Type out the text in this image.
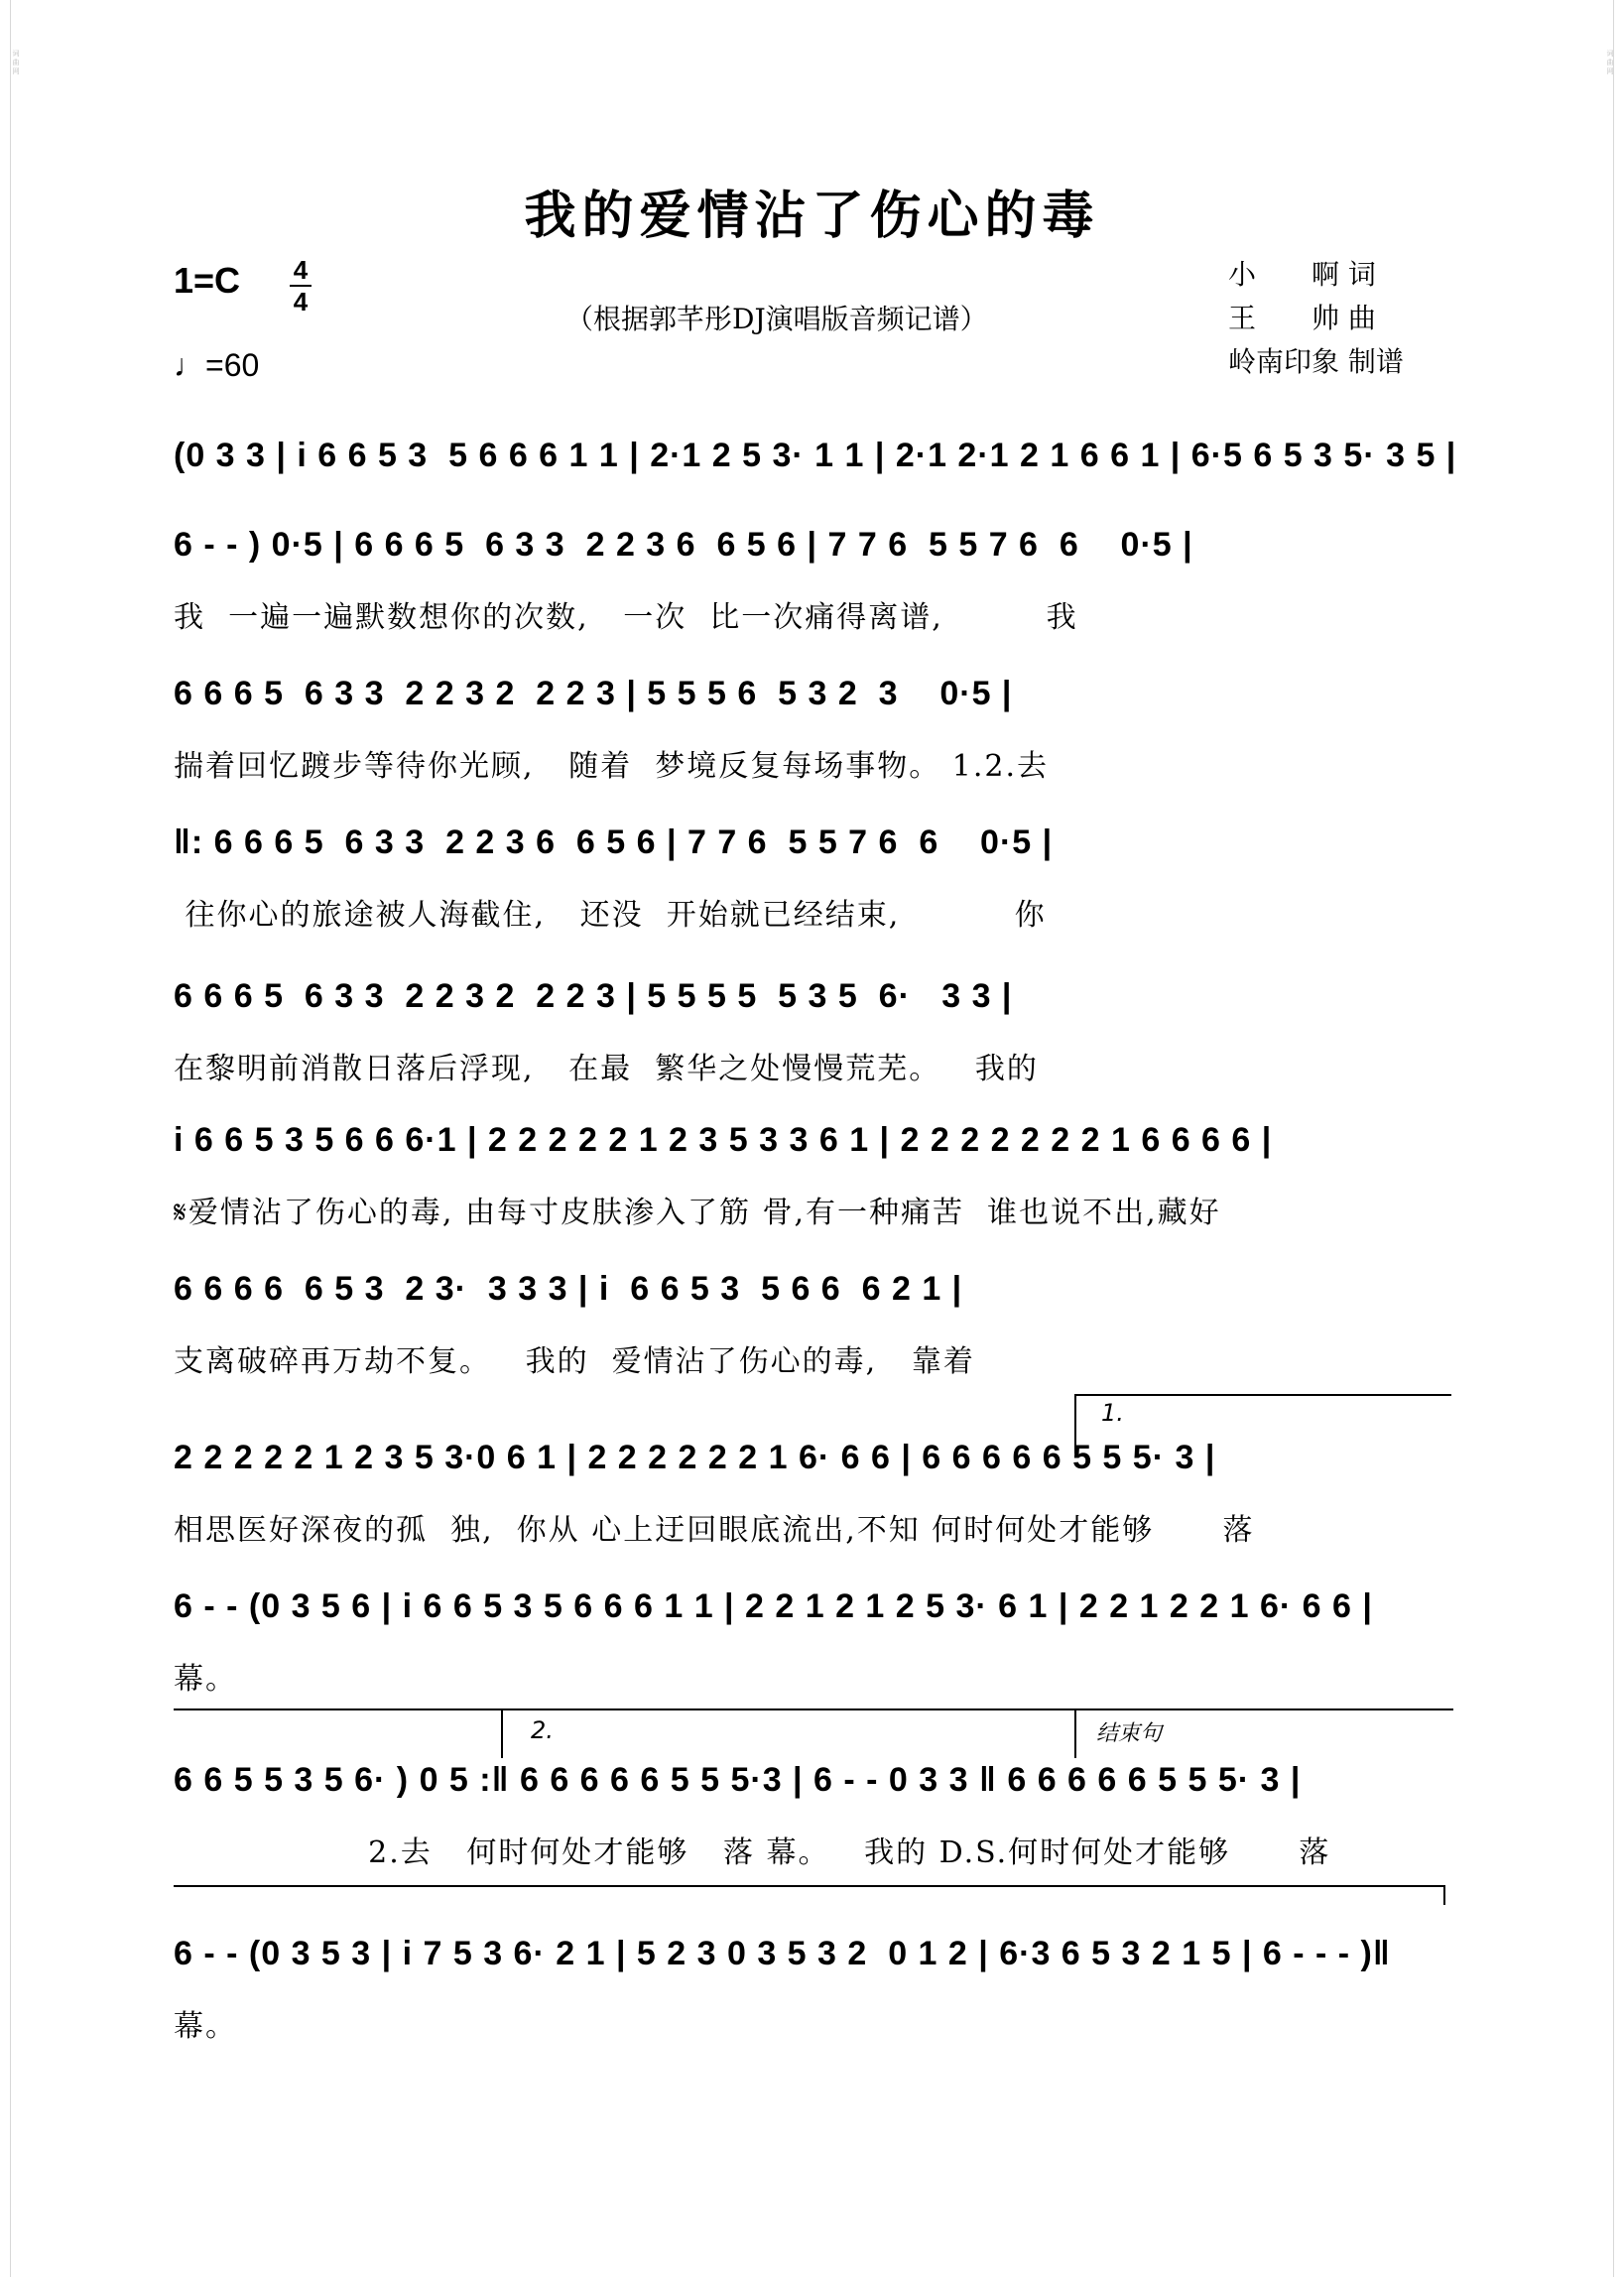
词曲网	词曲网
我的爱情沾了伤心的毒
1=C 4
4
♩=60
（根据郭芊彤DJ演唱版音频记谱）
小　　啊 词
王　　帅 曲
岭南印象 制谱
(0 3 3 | i 6 6 5 3  5 6 6 6 1 1 | 2·1 2 5 3· 1 1 | 2·1 2·1 2 1 6 6 1 | 6·5 6 5 3 5· 3 5 |
6 - - ) 0·5 | 6 6 6 5  6 3 3  2 2 3 6  6 5 6 | 7 7 6  5 5 7 6  6    0·5 |
我  一遍一遍默数想你的次数,   一次  比一次痛得离谱,         我
6 6 6 5  6 3 3  2 2 3 2  2 2 3 | 5 5 5 6  5 3 2  3    0·5 |
揣着回忆踱步等待你光顾,   随着  梦境反复每场事物。 1.2.去
‖: 6 6 6 5  6 3 3  2 2 3 6  6 5 6 | 7 7 6  5 5 7 6  6    0·5 |
往你心的旅途被人海截住,   还没  开始就已经结束,          你
6 6 6 5  6 3 3  2 2 3 2  2 2 3 | 5 5 5 5  5 3 5  6·   3 3 |
在黎明前消散日落后浮现,   在最  繁华之处慢慢荒芜。   我的
i 6 6 5 3 5 6 6 6·1 | 2 2 2 2 2 1 2 3 5 3 3 6 1 | 2 2 2 2 2 2 2 1 6 6 6 6 |
𝄋爱情沾了伤心的毒, 由每寸皮肤渗入了筋 骨,有一种痛苦  谁也说不出,藏好
6 6 6 6  6 5 3  2 3·  3 3 3 | i  6 6 5 3  5 6 6  6 2 1 |
支离破碎再万劫不复。   我的  爱情沾了伤心的毒,   靠着
1.
2 2 2 2 2 1 2 3 5 3·0 6 1 | 2 2 2 2 2 2 1 6· 6 6 | 6 6 6 6 6 5 5 5· 3 |
相思医好深夜的孤  独,  你从 心上迂回眼底流出,不知 何时何处才能够      落
6 - - (0 3 5 6 | i 6 6 5 3 5 6 6 6 1 1 | 2 2 1 2 1 2 5 3· 6 1 | 2 2 1 2 2 1 6· 6 6 |
幕。
2.	结束句
6 6 5 5 3 5 6· ) 0 5 :‖ 6 6 6 6 6 5 5 5·3 | 6 - - 0 3 3 ‖ 6 6 6 6 6 5 5 5· 3 |
2.去   何时何处才能够   落 幕。   我的 D.S.何时何处才能够      落
6 - - (0 3 5 3 | i 7 5 3 6· 2 1 | 5 2 3 0 3 5 3 2  0 1 2 | 6·3 6 5 3 2 1 5 | 6 - - - )‖
幕。
